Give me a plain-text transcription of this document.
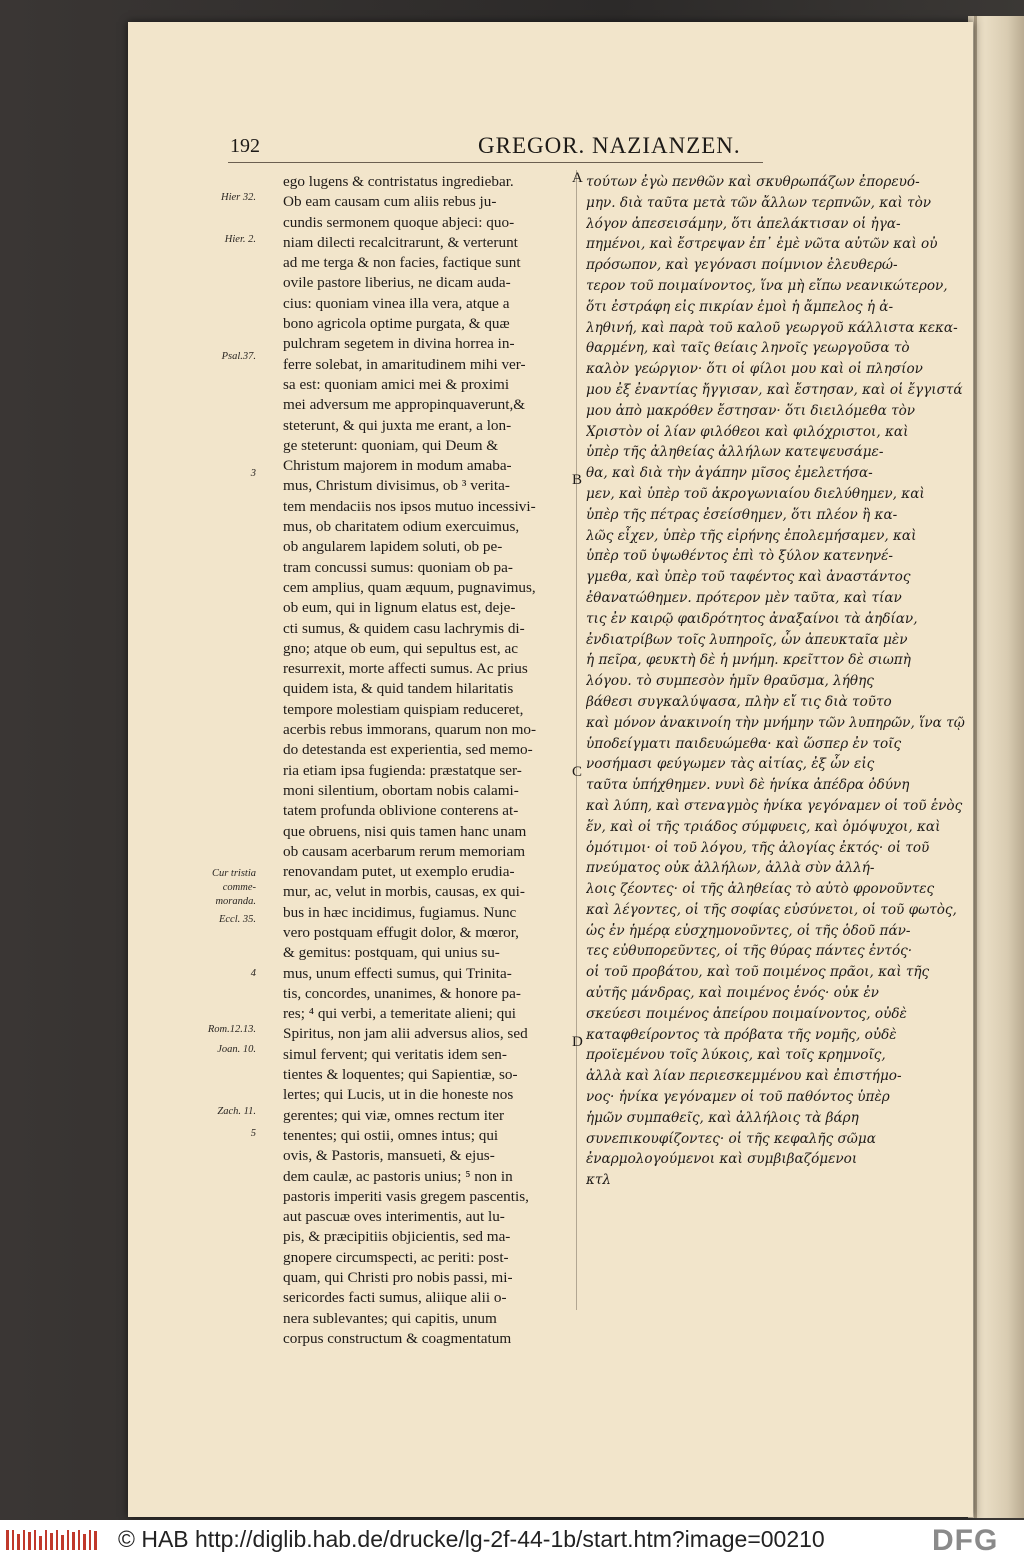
192	GREGOR. NAZIANZEN.
Hier 32.
Hier. 2.
Psal.37.
3
Cur tristia
comme-
moranda.
Eccl. 35.
4
Rom.12.13.
Joan. 10.
Zach. 11.
5
A
B
C
D
ego lugens & contristatus ingrediebar.
Ob eam causam cum aliis rebus ju-
cundis sermonem quoque abjeci: quo-
niam dilecti recalcitrarunt, & verterunt
ad me terga & non facies, factique sunt
ovile pastore liberius, ne dicam auda-
cius: quoniam vinea illa vera, atque a
bono agricola optime purgata, & quæ
pulchram segetem in divina horrea in-
ferre solebat, in amaritudinem mihi ver-
sa est: quoniam amici mei & proximi
mei adversum me appropinquaverunt,&
steterunt, & qui juxta me erant, a lon-
ge steterunt: quoniam, qui Deum &
Christum majorem in modum amaba-
mus, Christum divisimus, ob ³ verita-
tem mendaciis nos ipsos mutuo incessivi-
mus, ob charitatem odium exercuimus,
ob angularem lapidem soluti, ob pe-
tram concussi sumus: quoniam ob pa-
cem amplius, quam æquum, pugnavimus,
ob eum, qui in lignum elatus est, deje-
cti sumus, & quidem casu lachrymis di-
gno; atque ob eum, qui sepultus est, ac
resurrexit, morte affecti sumus. Ac prius
quidem ista, & quid tandem hilaritatis
tempore molestiam quispiam reduceret,
acerbis rebus immorans, quarum non mo-
do detestanda est experientia, sed memo-
ria etiam ipsa fugienda: præstatque ser-
moni silentium, obortam nobis calami-
tatem profunda oblivione conterens at-
que obruens, nisi quis tamen hanc unam
ob causam acerbarum rerum memoriam
renovandam putet, ut exemplo erudia-
mur, ac, velut in morbis, causas, ex qui-
bus in hæc incidimus, fugiamus. Nunc
vero postquam effugit dolor, & mœror,
& gemitus: postquam, qui unius su-
mus, unum effecti sumus, qui Trinita-
tis, concordes, unanimes, & honore pa-
res; ⁴ qui verbi, a temeritate alieni; qui
Spiritus, non jam alii adversus alios, sed
simul fervent; qui veritatis idem sen-
tientes & loquentes; qui Sapientiæ, so-
lertes; qui Lucis, ut in die honeste nos
gerentes; qui viæ, omnes rectum iter
tenentes; qui ostii, omnes intus; qui
ovis, & Pastoris, mansueti, & ejus-
dem caulæ, ac pastoris unius; ⁵ non in
pastoris imperiti vasis gregem pascentis,
aut pascuæ oves interimentis, aut lu-
pis, & præcipitiis objicientis, sed ma-
gnopere circumspecti, ac periti: post-
quam, qui Christi pro nobis passi, mi-
sericordes facti sumus, aliique alii o-
nera sublevantes; qui capitis, unum
corpus constructum & coagmentatum
τούτων ἐγὼ πενθῶν καὶ σκυθρωπάζων ἐπορευό-
μην. διὰ ταῦτα μετὰ τῶν ἄλλων τερπνῶν, καὶ τὸν
λόγον ἀπεσεισάμην, ὅτι ἀπελάκτισαν οἱ ἠγα-
πημένοι, καὶ ἔστρεψαν ἐπ᾿ ἐμὲ νῶτα αὐτῶν καὶ οὐ
πρόσωπον, καὶ γεγόνασι ποίμνιον ἐλευθερώ-
τερον τοῦ ποιμαίνοντος, ἵνα μὴ εἴπω νεανικώτερον,
ὅτι ἐστράφη εἰς πικρίαν ἐμοὶ ἡ ἄμπελος ἡ ἀ-
ληθινή, καὶ παρὰ τοῦ καλοῦ γεωργοῦ κάλλιστα κεκα-
θαρμένη, καὶ ταῖς θείαις ληνοῖς γεωργοῦσα τὸ
καλὸν γεώργιον· ὅτι οἱ φίλοι μου καὶ οἱ πλησίον
μου ἐξ ἐναντίας ἤγγισαν, καὶ ἔστησαν, καὶ οἱ ἔγγιστά
μου ἀπὸ μακρόθεν ἔστησαν· ὅτι διειλόμεθα τὸν
Χριστὸν οἱ λίαν φιλόθεοι καὶ φιλόχριστοι, καὶ
ὑπὲρ τῆς ἀληθείας ἀλλήλων κατεψευσάμε-
θα, καὶ διὰ τὴν ἀγάπην μῖσος ἐμελετήσα-
μεν, καὶ ὑπὲρ τοῦ ἀκρογωνιαίου διελύθημεν, καὶ
ὑπὲρ τῆς πέτρας ἐσείσθημεν, ὅτι πλέον ἢ κα-
λῶς εἶχεν, ὑπὲρ τῆς εἰρήνης ἐπολεμήσαμεν, καὶ
ὑπὲρ τοῦ ὑψωθέντος ἐπὶ τὸ ξύλον κατενηνέ-
γμεθα, καὶ ὑπὲρ τοῦ ταφέντος καὶ ἀναστάντος
ἐθανατώθημεν. πρότερον μὲν ταῦτα, καὶ τίαν
τις ἐν καιρῷ φαιδρότητος ἀναξαίνοι τὰ ἀηδίαν,
ἐνδιατρίβων τοῖς λυπηροῖς, ὧν ἀπευκταῖα μὲν
ἡ πεῖρα, φευκτὴ δὲ ἡ μνήμη. κρεῖττον δὲ σιωπὴ
λόγου. τὸ συμπεσὸν ἡμῖν θραῦσμα, λήθης
βάθεσι συγκαλύψασα, πλὴν εἴ τις διὰ τοῦτο
καὶ μόνον ἀνακινοίη τὴν μνήμην τῶν λυπηρῶν, ἵνα τῷ
ὑποδείγματι παιδευώμεθα· καὶ ὥσπερ ἐν τοῖς
νοσήμασι φεύγωμεν τὰς αἰτίας, ἐξ ὧν εἰς
ταῦτα ὑπήχθημεν. νυνὶ δὲ ἡνίκα ἀπέδρα ὀδύνη
καὶ λύπη, καὶ στεναγμὸς ἡνίκα γεγόναμεν οἱ τοῦ ἑνὸς
ἕν, καὶ οἱ τῆς τριάδος σύμφυεις, καὶ ὁμόψυχοι, καὶ
ὁμότιμοι· οἱ τοῦ λόγου, τῆς ἀλογίας ἐκτός· οἱ τοῦ
πνεύματος οὐκ ἀλλήλων, ἀλλὰ σὺν ἀλλή-
λοις ζέοντες· οἱ τῆς ἀληθείας τὸ αὐτὸ φρονοῦντες
καὶ λέγοντες, οἱ τῆς σοφίας εὐσύνετοι, οἱ τοῦ φωτὸς,
ὡς ἐν ἡμέρᾳ εὐσχημονοῦντες, οἱ τῆς ὁδοῦ πάν-
τες εὐθυπορεῦντες, οἱ τῆς θύρας πάντες ἐντός·
οἱ τοῦ προβάτου, καὶ τοῦ ποιμένος πρᾶοι, καὶ τῆς
αὐτῆς μάνδρας, καὶ ποιμένος ἑνός· οὐκ ἐν
σκεύεσι ποιμένος ἀπείρου ποιμαίνοντος, οὐδὲ
καταφθείροντος τὰ πρόβατα τῆς νομῆς, οὐδὲ
προϊεμένου τοῖς λύκοις, καὶ τοῖς κρημνοῖς,
ἀλλὰ καὶ λίαν περιεσκεμμένου καὶ ἐπιστήμο-
νος· ἡνίκα γεγόναμεν οἱ τοῦ παθόντος ὑπὲρ
ἡμῶν συμπαθεῖς, καὶ ἀλλήλοις τὰ βάρη
συνεπικουφίζοντες· οἱ τῆς κεφαλῆς σῶμα
ἐναρμολογούμενοι καὶ συμβιβαζόμενοι
κτλ
© HAB http://diglib.hab.de/drucke/lg-2f-44-1b/start.htm?image=00210	DFG
